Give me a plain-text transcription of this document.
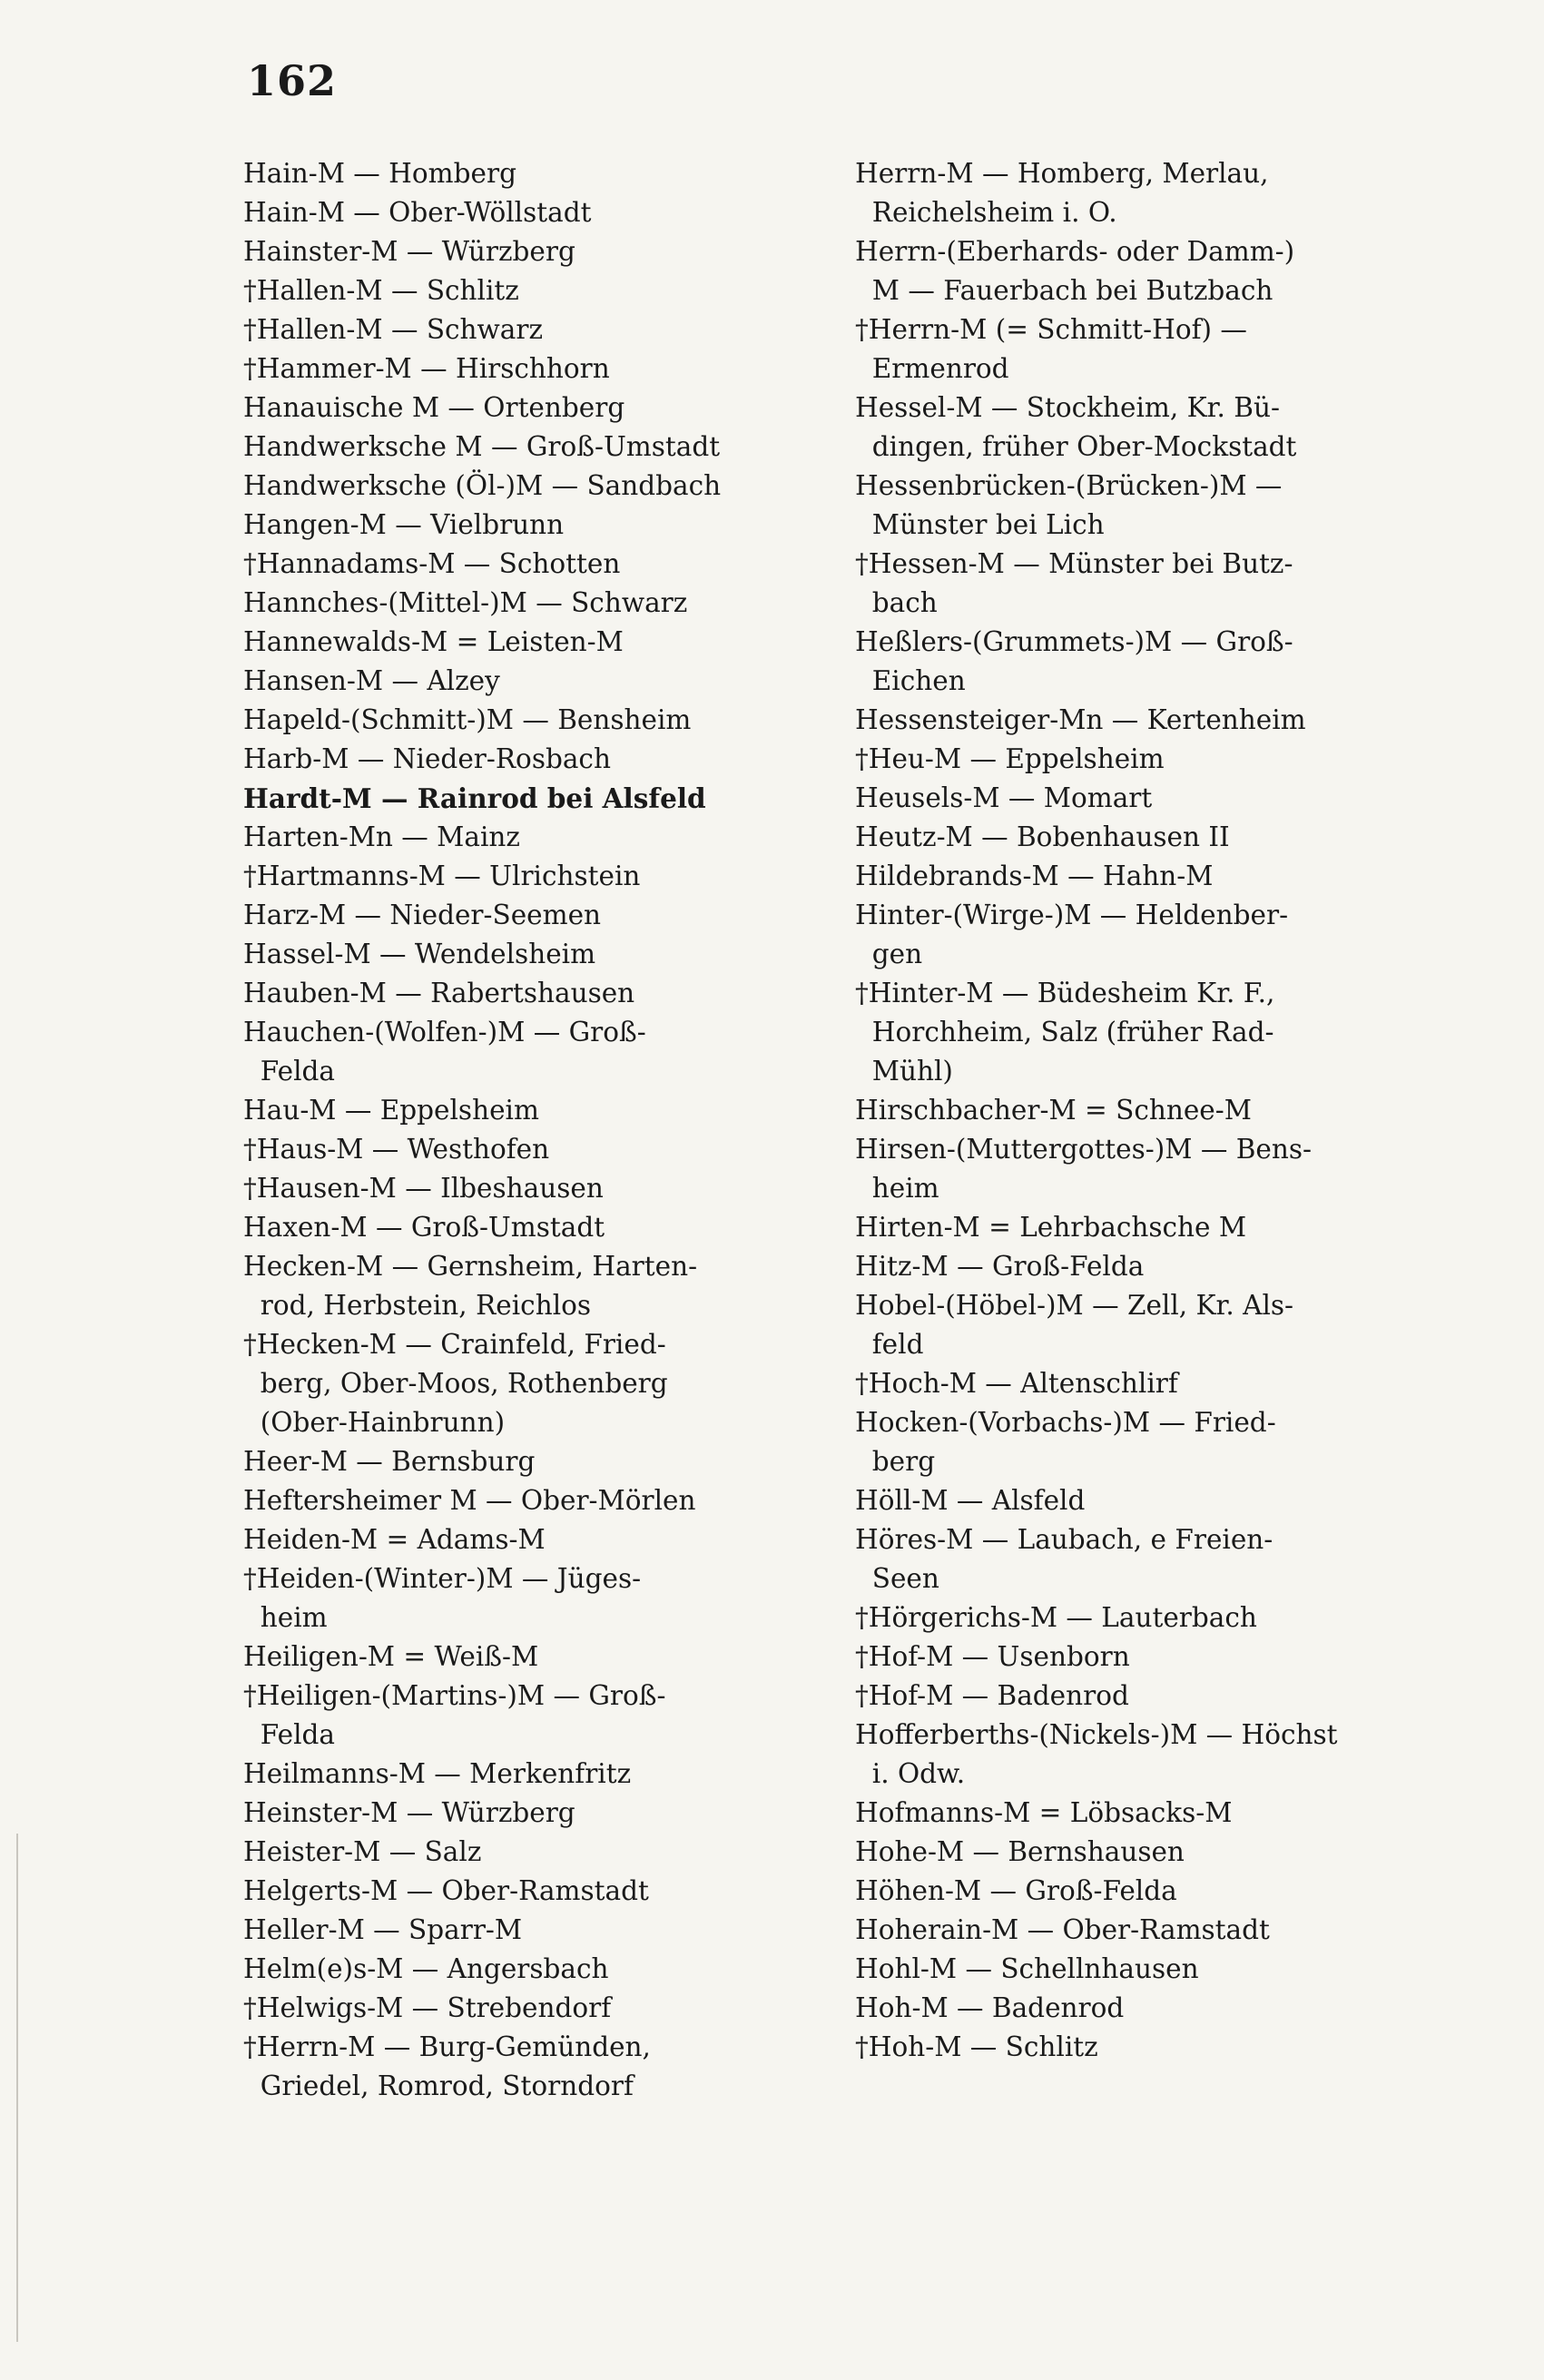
162
Hain-M — Homberg
Hain-M — Ober-Wöllstadt
Hainster-M — Würzberg
†Hallen-M — Schlitz
†Hallen-M — Schwarz
†Hammer-M — Hirschhorn
Hanauische M — Ortenberg
Handwerksche M — Groß-Umstadt
Handwerksche (Öl-)M — Sandbach
Hangen-M — Vielbrunn
†Hannadams-M — Schotten
Hannches-(Mittel-)M — Schwarz
Hannewalds-M = Leisten-M
Hansen-M — Alzey
Hapeld-(Schmitt-)M — Bensheim
Harb-M — Nieder-Rosbach
Hardt-M — Rainrod bei Alsfeld
Harten-Mn — Mainz
†Hartmanns-M — Ulrichstein
Harz-M — Nieder-Seemen
Hassel-M — Wendelsheim
Hauben-M — Rabertshausen
Hauchen-(Wolfen-)M — Groß-
Felda
Hau-M — Eppelsheim
†Haus-M — Westhofen
†Hausen-M — Ilbeshausen
Haxen-M — Groß-Umstadt
Hecken-M — Gernsheim, Harten-
rod, Herbstein, Reichlos
†Hecken-M — Crainfeld, Fried-
berg, Ober-Moos, Rothenberg
(Ober-Hainbrunn)
Heer-M — Bernsburg
Heftersheimer M — Ober-Mörlen
Heiden-M = Adams-M
†Heiden-(Winter-)M — Jüges-
heim
Heiligen-M = Weiß-M
†Heiligen-(Martins-)M — Groß-
Felda
Heilmanns-M — Merkenfritz
Heinster-M — Würzberg
Heister-M — Salz
Helgerts-M — Ober-Ramstadt
Heller-M — Sparr-M
Helm(e)s-M — Angersbach
†Helwigs-M — Strebendorf
†Herrn-M — Burg-Gemünden,
Griedel, Romrod, Storndorf
Herrn-M — Homberg, Merlau,
Reichelsheim i. O.
Herrn-(Eberhards- oder Damm-)
M — Fauerbach bei Butzbach
†Herrn-M (= Schmitt-Hof) —
Ermenrod
Hessel-M — Stockheim, Kr. Bü-
dingen, früher Ober-Mockstadt
Hessenbrücken-(Brücken-)M —
Münster bei Lich
†Hessen-M — Münster bei Butz-
bach
Heßlers-(Grummets-)M — Groß-
Eichen
Hessensteiger-Mn — Kertenheim
†Heu-M — Eppelsheim
Heusels-M — Momart
Heutz-M — Bobenhausen II
Hildebrands-M — Hahn-M
Hinter-(Wirge-)M — Heldenber-
gen
†Hinter-M — Büdesheim Kr. F.,
Horchheim, Salz (früher Rad-
Mühl)
Hirschbacher-M = Schnee-M
Hirsen-(Muttergottes-)M — Bens-
heim
Hirten-M = Lehrbachsche M
Hitz-M — Groß-Felda
Hobel-(Höbel-)M — Zell, Kr. Als-
feld
†Hoch-M — Altenschlirf
Hocken-(Vorbachs-)M — Fried-
berg
Höll-M — Alsfeld
Höres-M — Laubach, e Freien-
Seen
†Hörgerichs-M — Lauterbach
†Hof-M — Usenborn
†Hof-M — Badenrod
Hofferberths-(Nickels-)M — Höchst
i. Odw.
Hofmanns-M = Löbsacks-M
Hohe-M — Bernshausen
Höhen-M — Groß-Felda
Hoherain-M — Ober-Ramstadt
Hohl-M — Schellnhausen
Hoh-M — Badenrod
†Hoh-M — Schlitz
